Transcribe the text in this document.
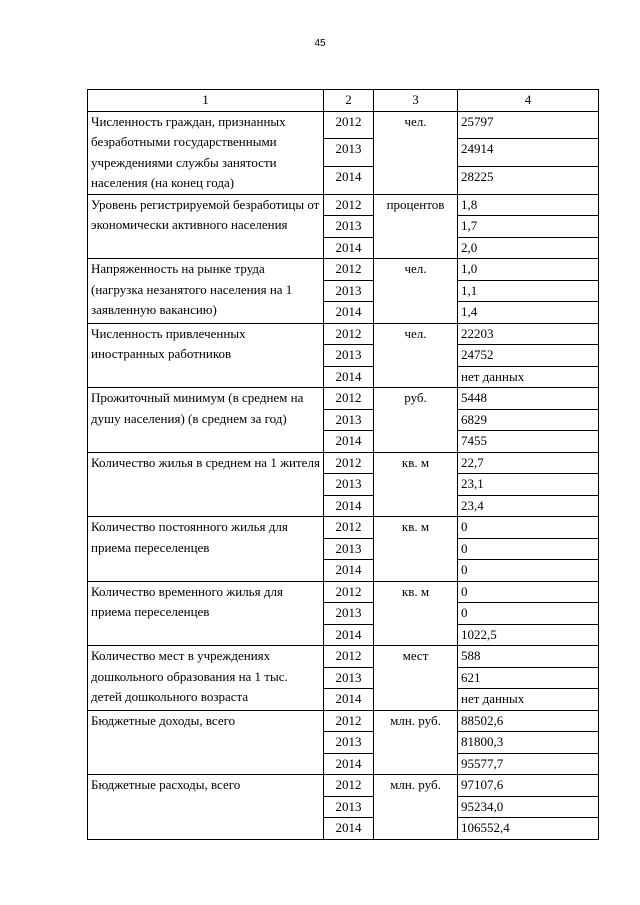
45
1	2	3	4
Численность граждан, признанных безработными государственными учреждениями службы занятости населения (на конец года)	2012	чел.	25797
	2013		24914
	2014		28225
Уровень регистрируемой безработицы от экономически активного населения	2012	процентов	1,8
	2013		1,7
	2014		2,0
Напряженность на рынке труда (нагрузка незанятого населения на 1 заявленную вакансию)	2012	чел.	1,0
	2013		1,1
	2014		1,4
Численность привлеченных иностранных работников	2012	чел.	22203
	2013		24752
	2014		нет данных
Прожиточный минимум (в среднем на душу населения) (в среднем за год)	2012	руб.	5448
	2013		6829
	2014		7455
Количество жилья в среднем на 1 жителя	2012	кв. м	22,7
	2013		23,1
	2014		23,4
Количество постоянного жилья для приема переселенцев	2012	кв. м	0
	2013		0
	2014		0
Количество временного жилья для приема переселенцев	2012	кв. м	0
	2013		0
	2014		1022,5
Количество мест в учреждениях дошкольного образования на 1 тыс. детей дошкольного возраста	2012	мест	588
	2013		621
	2014		нет данных
Бюджетные доходы, всего	2012	млн. руб.	88502,6
	2013		81800,3
	2014		95577,7
Бюджетные расходы, всего	2012	млн. руб.	97107,6
	2013		95234,0
	2014		106552,4
